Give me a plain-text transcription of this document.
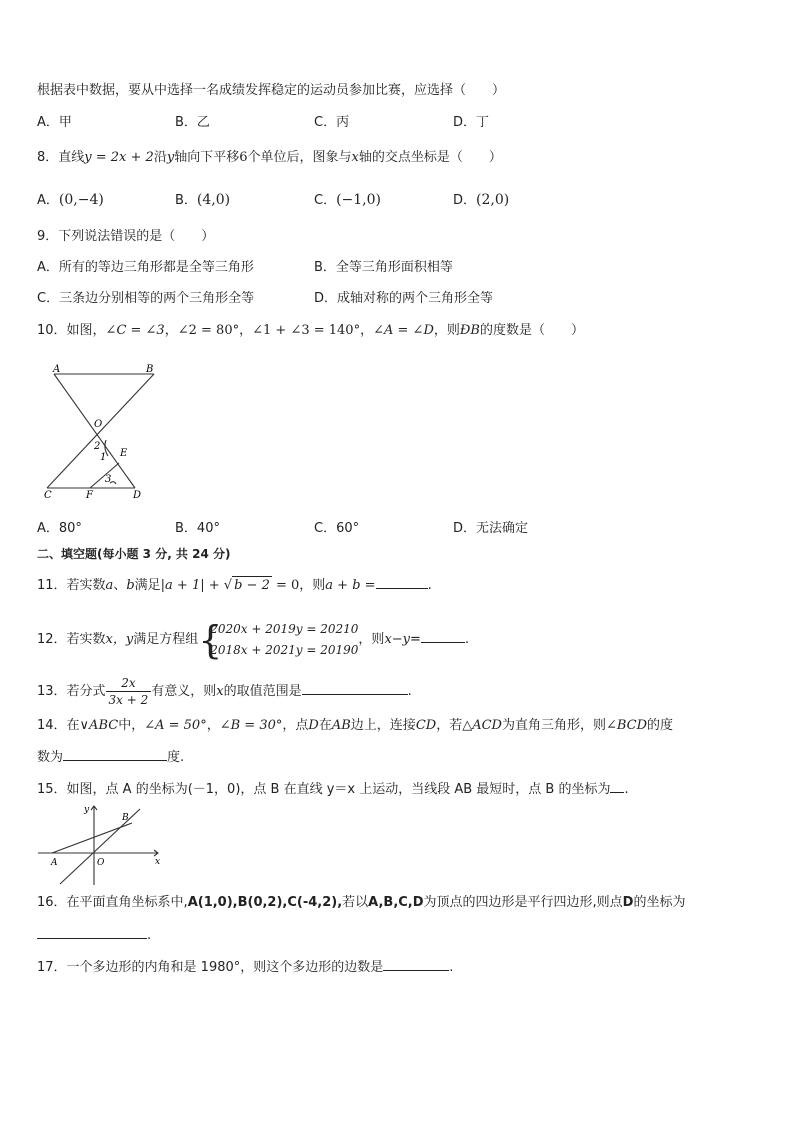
根据表中数据，要从中选择一名成绩发挥稳定的运动员参加比赛，应选择（　　）
A．甲	B．乙	C．丙	D．丁
8．直线y = 2x + 2沿y轴向下平移6个单位后，图象与x轴的交点坐标是（　　）
A．(0,−4)	B．(4,0)	C．(−1,0)	D．(2,0)
9．下列说法错误的是（　　）
A．所有的等边三角形都是全等三角形	B．全等三角形面积相等
C．三条边分别相等的两个三角形全等	D．成轴对称的两个三角形全等
10．如图，∠C = ∠3，∠2 = 80°，∠1 + ∠3 = 140°，∠A = ∠D，则ÐB的度数是（　　）
A	B
O
2
1 E
3
C	F	D
A．80°	B．40°	C．60°	D．无法确定
二、填空题(每小题 3 分, 共 24 分)
11．若实数a、b满足|a + 1| + √ b − 2 = 0，则a + b =	.
12．若实数x，y满足方程组 {
2020x + 2019y = 20210
2018x + 2021y = 20190
，则x−y=	.
13．若分式 $\frac{2x}{3x + 2}$ 有意义，则x的取值范围是	.
14．在∨ABC中，∠A = 50°，∠B = 30°，点D在AB边上，连接CD，若△ACD为直角三角形，则∠BCD的度
数为	度.
15．如图，点 A 的坐标为(－1，0)，点 B 在直线 y＝x 上运动，当线段 AB 最短时，点 B 的坐标为 .
y
B
A	O	x
16．在平面直角坐标系中,A(1,0),B(0,2),C(-4,2),若以A,B,C,D为顶点的四边形是平行四边形,则点D的坐标为
.
17．一个多边形的内角和是 1980°，则这个多边形的边数是	.
